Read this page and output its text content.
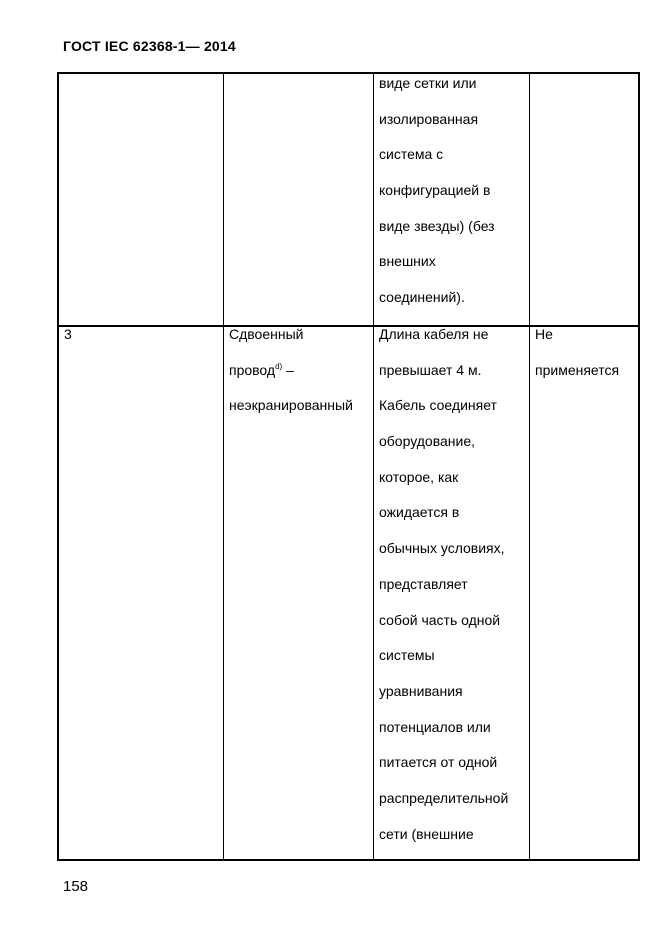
ГОСТ IEC 62368-1— 2014
виде сетки или
изолированная
система с
конфигурацией в
виде звезды) (без
внешних
соединений).
3	Сдвоенный
провод$^{d)}$ –
неэкранированный
Длина кабеля не
превышает 4 м.
Кабель соединяет
оборудование,
которое, как
ожидается в
обычных условиях,
представляет
собой часть одной
системы
уравнивания
потенциалов или
питается от одной
распределительной
сети (внешние
Не
применяется
158
